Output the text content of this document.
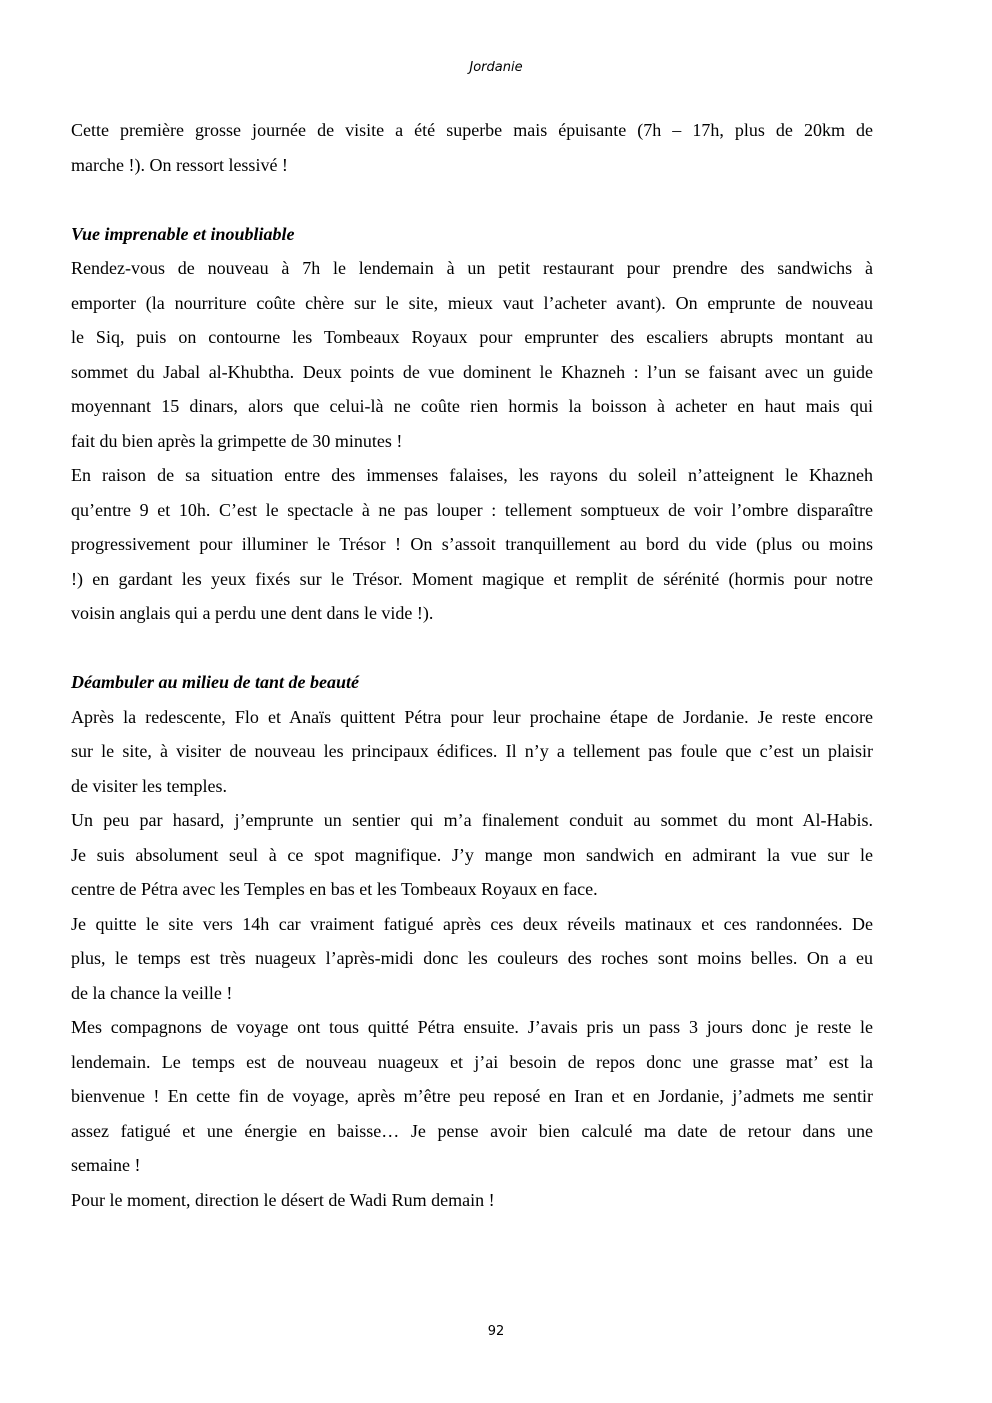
Jordanie
Cette première grosse journée de visite a été superbe mais épuisante (7h – 17h, plus de 20km de
marche !). On ressort lessivé !
Vue imprenable et inoubliable
Rendez-vous de nouveau à 7h le lendemain à un petit restaurant pour prendre des sandwichs à
emporter (la nourriture coûte chère sur le site, mieux vaut l’acheter avant). On emprunte de nouveau
le Siq, puis on contourne les Tombeaux Royaux pour emprunter des escaliers abrupts montant au
sommet du Jabal al-Khubtha. Deux points de vue dominent le Khazneh : l’un se faisant avec un guide
moyennant 15 dinars, alors que celui-là ne coûte rien hormis la boisson à acheter en haut mais qui
fait du bien après la grimpette de 30 minutes !
En raison de sa situation entre des immenses falaises, les rayons du soleil n’atteignent le Khazneh
qu’entre 9 et 10h. C’est le spectacle à ne pas louper : tellement somptueux de voir l’ombre disparaître
progressivement pour illuminer le Trésor ! On s’assoit tranquillement au bord du vide (plus ou moins
!) en gardant les yeux fixés sur le Trésor. Moment magique et remplit de sérénité (hormis pour notre
voisin anglais qui a perdu une dent dans le vide !).
Déambuler au milieu de tant de beauté
Après la redescente, Flo et Anaïs quittent Pétra pour leur prochaine étape de Jordanie. Je reste encore
sur le site, à visiter de nouveau les principaux édifices. Il n’y a tellement pas foule que c’est un plaisir
de visiter les temples.
Un peu par hasard, j’emprunte un sentier qui m’a finalement conduit au sommet du mont Al-Habis.
Je suis absolument seul à ce spot magnifique. J’y mange mon sandwich en admirant la vue sur le
centre de Pétra avec les Temples en bas et les Tombeaux Royaux en face.
Je quitte le site vers 14h car vraiment fatigué après ces deux réveils matinaux et ces randonnées. De
plus, le temps est très nuageux l’après-midi donc les couleurs des roches sont moins belles. On a eu
de la chance la veille !
Mes compagnons de voyage ont tous quitté Pétra ensuite. J’avais pris un pass 3 jours donc je reste le
lendemain. Le temps est de nouveau nuageux et j’ai besoin de repos donc une grasse mat’ est la
bienvenue ! En cette fin de voyage, après m’être peu reposé en Iran et en Jordanie, j’admets me sentir
assez fatigué et une énergie en baisse… Je pense avoir bien calculé ma date de retour dans une
semaine !
Pour le moment, direction le désert de Wadi Rum demain !
92
